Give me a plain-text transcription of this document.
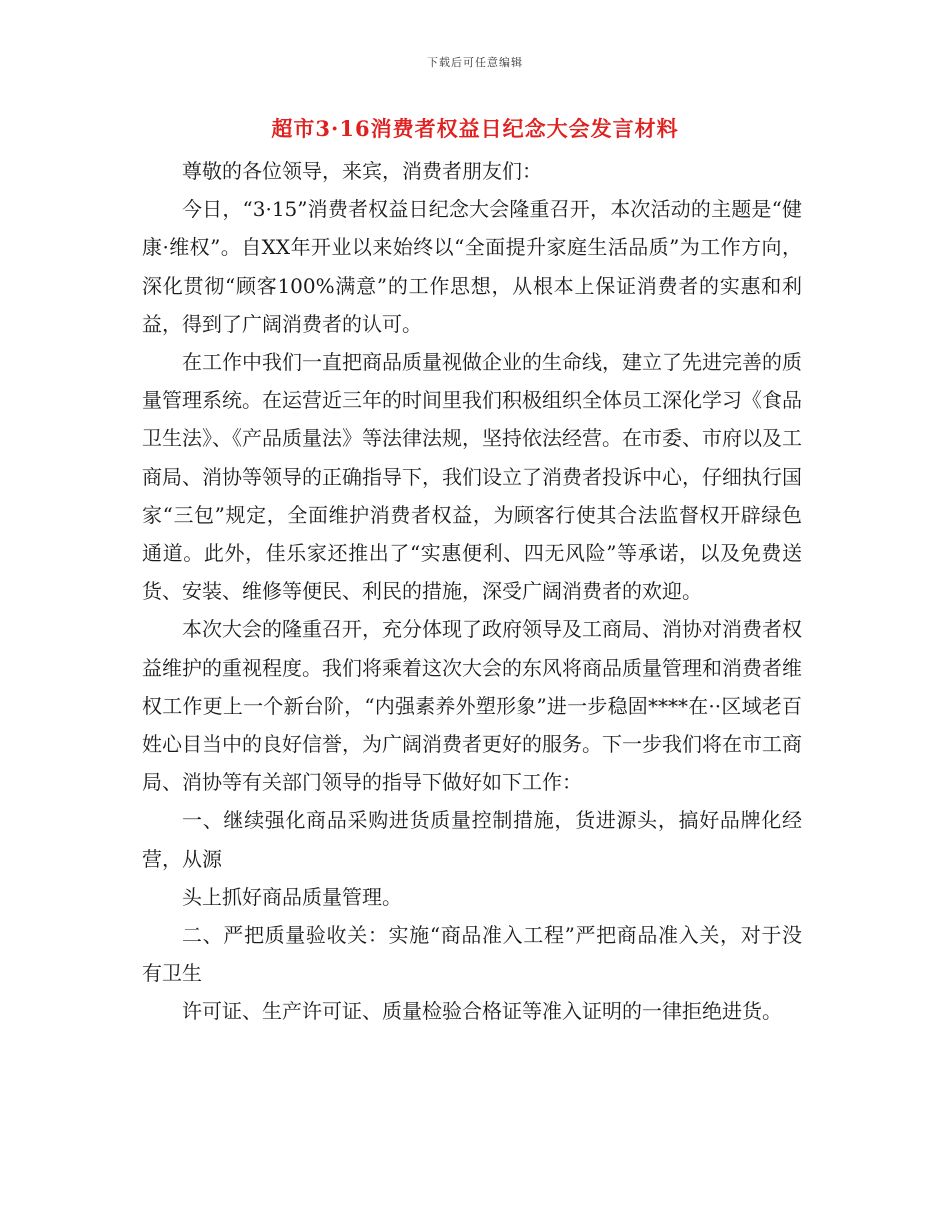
下载后可任意编辑
超市3·16消费者权益日纪念大会发言材料

尊敬的各位领导，来宾，消费者朋友们：

今日，“3·15”消费者权益日纪念大会隆重召开，本次活动的主题是“健康·维权”。自XX年开业以来始终以“全面提升家庭生活品质”为工作方向，深化贯彻“顾客100%满意”的工作思想，从根本上保证消费者的实惠和利益，得到了广阔消费者的认可。

在工作中我们一直把商品质量视做企业的生命线，建立了先进完善的质量管理系统。在运营近三年的时间里我们积极组织全体员工深化学习《食品卫生法》、《产品质量法》等法律法规，坚持依法经营。在市委、市府以及工商局、消协等领导的正确指导下，我们设立了消费者投诉中心，仔细执行国家“三包”规定，全面维护消费者权益，为顾客行使其合法监督权开辟绿色通道。此外，佳乐家还推出了“实惠便利、四无风险”等承诺，以及免费送货、安装、维修等便民、利民的措施，深受广阔消费者的欢迎。

本次大会的隆重召开，充分体现了政府领导及工商局、消协对消费者权益维护的重视程度。我们将乘着这次大会的东风将商品质量管理和消费者维权工作更上一个新台阶，“内强素养外塑形象”进一步稳固****在··区域老百姓心目当中的良好信誉，为广阔消费者更好的服务。下一步我们将在市工商局、消协等有关部门领导的指导下做好如下工作：

一、继续强化商品采购进货质量控制措施，货进源头，搞好品牌化经营，从源

头上抓好商品质量管理。

二、严把质量验收关：实施“商品准入工程”严把商品准入关，对于没有卫生

许可证、生产许可证、质量检验合格证等准入证明的一律拒绝进货。
